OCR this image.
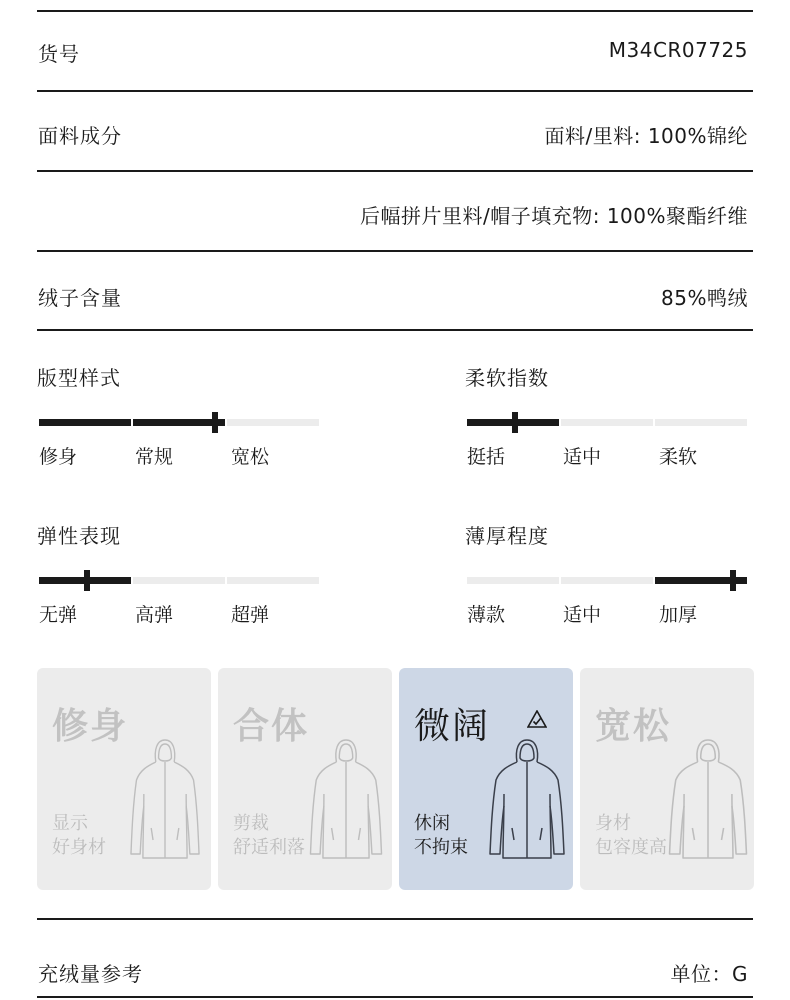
货号	M34CR07725
面料成分	面料/里料: 100%锦纶
后幅拼片里料/帽子填充物: 100%聚酯纤维
绒子含量	85%鸭绒
版型样式
修身	常规	宽松
柔软指数
挺括	适中	柔软
弹性表现
无弹	高弹	超弹
薄厚程度
薄款	适中	加厚
修身
显示
好身材
合体
剪裁
舒适利落
微阔
休闲
不拘束
宽松
身材
包容度高
充绒量参考	单位：G
